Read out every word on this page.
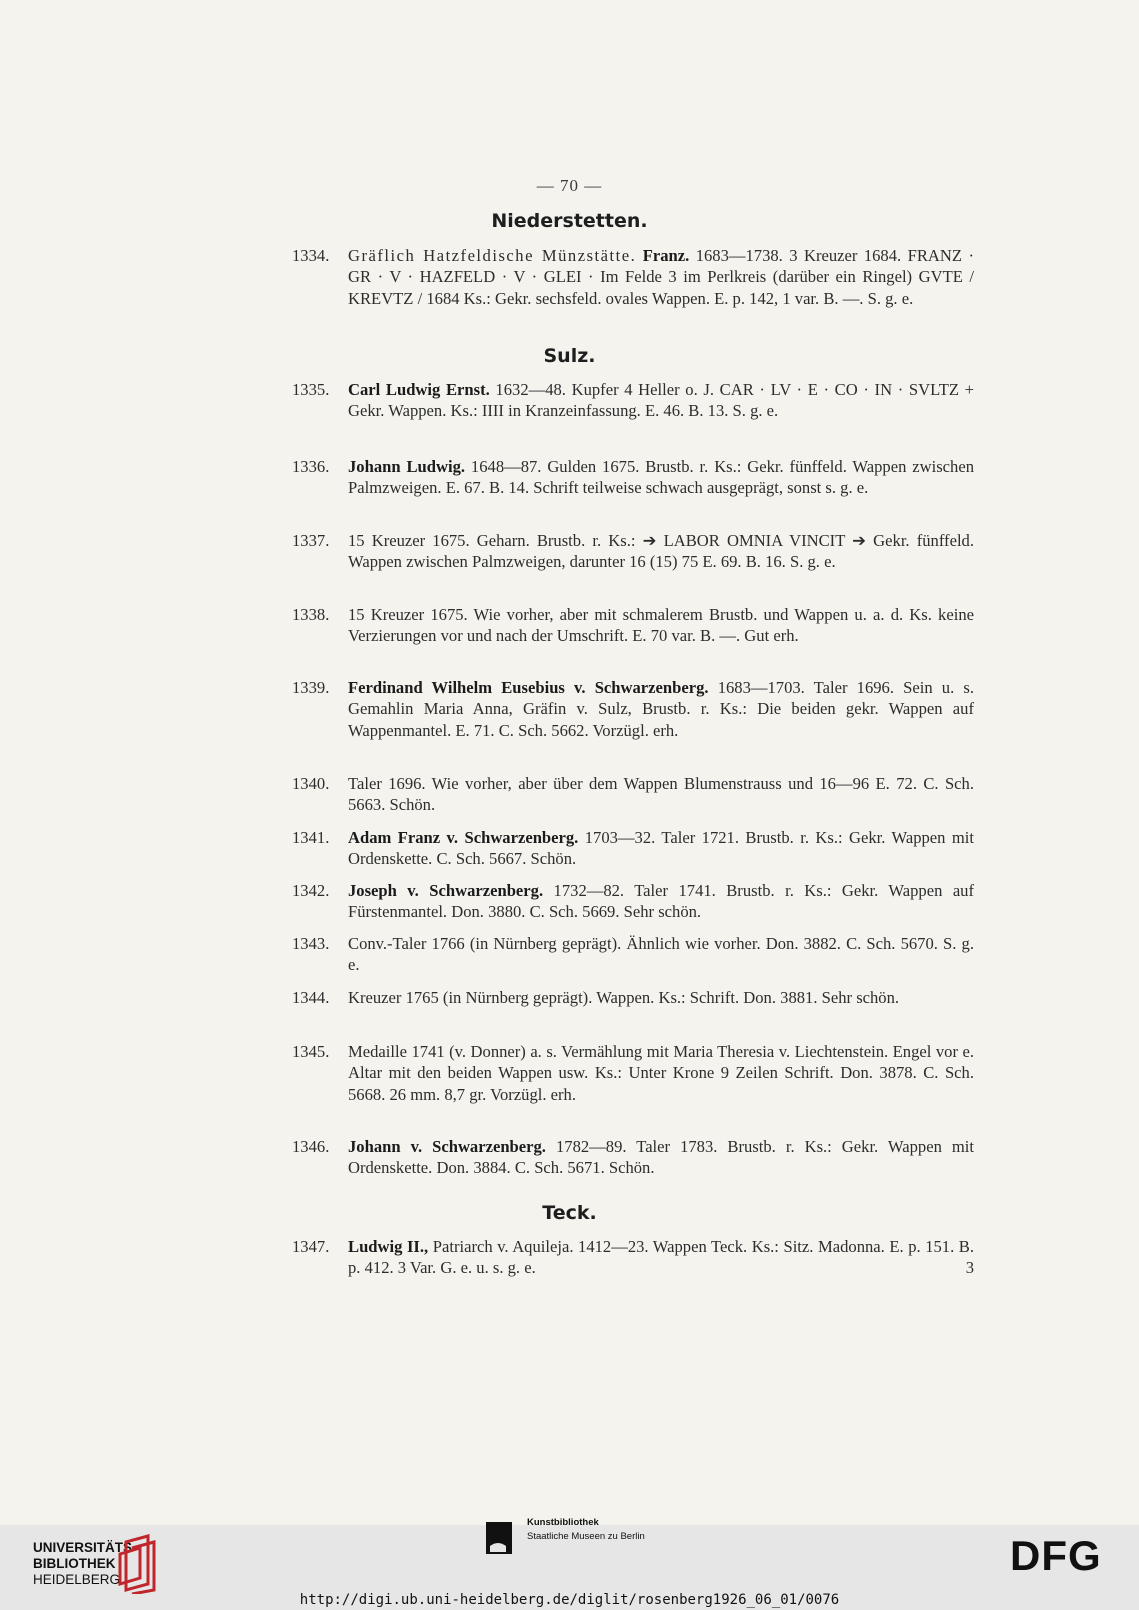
— 70 —
Niederstetten.
1334.	Gräflich Hatzfeldische Münzstätte. Franz. 1683—1738. 3 Kreuzer 1684. FRANZ · GR · V · HAZFELD · V · GLEI · Im Felde 3 im Perlkreis (darüber ein Ringel) GVTE / KREVTZ / 1684 Ks.: Gekr. sechsfeld. ovales Wappen. E. p. 142, 1 var. B. —. S. g. e.
Sulz.
1335.	Carl Ludwig Ernst. 1632—48. Kupfer 4 Heller o. J. CAR · LV · E · CO · IN · SVLTZ + Gekr. Wappen. Ks.: IIII in Kranzeinfassung. E. 46. B. 13. S. g. e.
1336.	Johann Ludwig. 1648—87. Gulden 1675. Brustb. r. Ks.: Gekr. fünffeld. Wappen zwischen Palmzweigen. E. 67. B. 14. Schrift teilweise schwach ausgeprägt, sonst s. g. e.
1337.	15 Kreuzer 1675. Geharn. Brustb. r. Ks.: ➔ LABOR OMNIA VINCIT ➔ Gekr. fünffeld. Wappen zwischen Palmzweigen, darunter 16 (15) 75 E. 69. B. 16. S. g. e.
1338.	15 Kreuzer 1675. Wie vorher, aber mit schmalerem Brustb. und Wappen u. a. d. Ks. keine Verzierungen vor und nach der Umschrift. E. 70 var. B. —. Gut erh.
1339.	Ferdinand Wilhelm Eusebius v. Schwarzenberg. 1683—1703. Taler 1696. Sein u. s. Gemahlin Maria Anna, Gräfin v. Sulz, Brustb. r. Ks.: Die beiden gekr. Wappen auf Wappenmantel. E. 71. C. Sch. 5662. Vorzügl. erh.
1340.	Taler 1696. Wie vorher, aber über dem Wappen Blumenstrauss und 16—96 E. 72. C. Sch. 5663. Schön.
1341.	Adam Franz v. Schwarzenberg. 1703—32. Taler 1721. Brustb. r. Ks.: Gekr. Wappen mit Ordenskette. C. Sch. 5667. Schön.
1342.	Joseph v. Schwarzenberg. 1732—82. Taler 1741. Brustb. r. Ks.: Gekr. Wappen auf Fürstenmantel. Don. 3880. C. Sch. 5669. Sehr schön.
1343.	Conv.-Taler 1766 (in Nürnberg geprägt). Ähnlich wie vorher. Don. 3882. C. Sch. 5670. S. g. e.
1344.	Kreuzer 1765 (in Nürnberg geprägt). Wappen. Ks.: Schrift. Don. 3881. Sehr schön.
1345.	Medaille 1741 (v. Donner) a. s. Vermählung mit Maria Theresia v. Liechtenstein. Engel vor e. Altar mit den beiden Wappen usw. Ks.: Unter Krone 9 Zeilen Schrift. Don. 3878. C. Sch. 5668. 26 mm. 8,7 gr. Vorzügl. erh.
1346.	Johann v. Schwarzenberg. 1782—89. Taler 1783. Brustb. r. Ks.: Gekr. Wappen mit Ordenskette. Don. 3884. C. Sch. 5671. Schön.
Teck.
1347.	Ludwig II., Patriarch v. Aquileja. 1412—23. Wappen Teck. Ks.: Sitz. Madonna. E. p. 151. B. p. 412. 3 Var. G. e. u. s. g. e.	3
UNIVERSITÄTS-
BIBLIOTHEK
HEIDELBERG
Kunstbibliothek
Staatliche Museen zu Berlin	DFG
http://digi.ub.uni-heidelberg.de/diglit/rosenberg1926_06_01/0076
